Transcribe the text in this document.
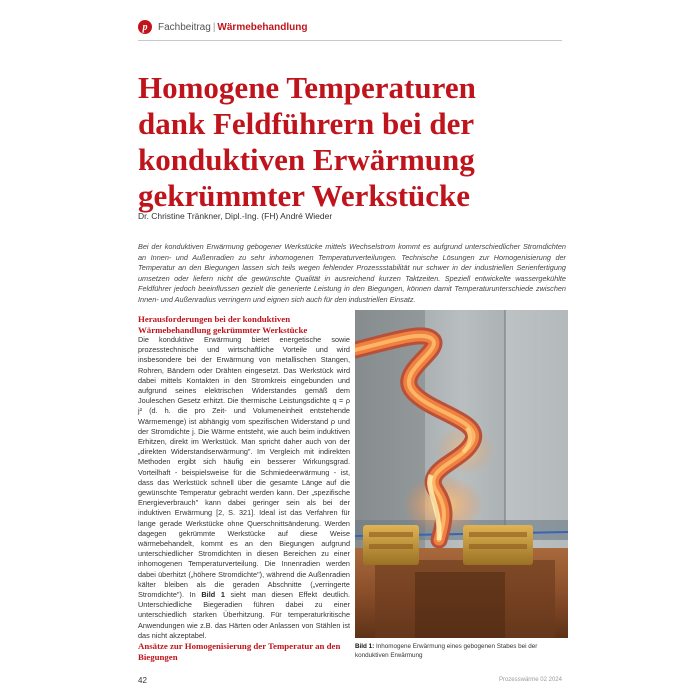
p	Fachbeitrag | Wärmebehandlung
Homogene Temperaturen
dank Feldführern bei der
konduktiven Erwärmung
gekrümmter Werkstücke
Dr. Christine Tränkner, Dipl.-Ing. (FH) André Wieder

Bei der konduktiven Erwärmung gebogener Werkstücke mittels Wechselstrom kommt es aufgrund unterschiedlicher Stromdichten an Innen- und Außenradien zu sehr inhomogenen Temperaturverteilungen. Technische Lösungen zur Homogenisierung der Temperatur an den Biegungen lassen sich teils wegen fehlender Prozessstabilität nur schwer in der industriellen Serienfertigung umsetzen oder liefern nicht die gewünschte Qualität in ausreichend kurzen Taktzeiten. Speziell entwickelte wassergekühlte Feldführer jedoch beeinflussen gezielt die generierte Leistung in den Biegungen, können damit Temperaturunterschiede zwischen Innen- und Außenradius verringern und eignen sich auch für den industriellen Einsatz.

Herausforderungen bei der konduktiven Wärmebehandlung gekrümmter Werkstücke

Die konduktive Erwärmung bietet energetische sowie prozesstechnische und wirtschaftliche Vorteile und wird insbesondere bei der Erwärmung von metallischen Stangen, Rohren, Bändern oder Drähten eingesetzt. Das Werkstück wird dabei mittels Kontakten in den Stromkreis eingebunden und aufgrund seines elektrischen Widerstandes gemäß dem Jouleschen Gesetz erhitzt. Die thermische Leistungsdichte q = ρ j² (d. h. die pro Zeit- und Volumeneinheit entstehende Wärmemenge) ist abhängig vom spezifischen Widerstand ρ und der Stromdichte j. Die Wärme entsteht, wie auch beim induktiven Erhitzen, direkt im Werkstück. Man spricht daher auch von der „direkten Widerstandserwärmung". Im Vergleich mit indirekten Methoden ergibt sich häufig ein besserer Wirkungsgrad. Vorteilhaft - beispielsweise für die Schmiedeerwärmung - ist, dass das Werkstück schnell über die gesamte Länge auf die gewünschte Temperatur gebracht werden kann. Der „spezifische Energieverbrauch" kann dabei geringer sein als bei der induktiven Erwärmung [2, S. 321]. Ideal ist das Verfahren für lange gerade Werkstücke ohne Querschnittsänderung. Werden dagegen gekrümmte Werkstücke auf diese Weise wärmebehandelt, kommt es an den Biegungen aufgrund unterschiedlicher Stromdichten in diesen Bereichen zu einer inhomogenen Temperaturverteilung. Die Innenradien werden dabei überhitzt („höhere Stromdichte"), während die Außenradien kälter bleiben als die geraden Abschnitte („verringerte Stromdichte"). In Bild 1 sieht man diesen Effekt deutlich. Unterschiedliche Biegeradien führen dabei zu einer unterschiedlich starken Überhitzung. Für temperaturkritische Anwendungen wie z.B. das Härten oder Anlassen von Stählen ist das nicht akzeptabel.

Ansätze zur Homogenisierung der Temperatur an den Biegungen
Bild 1: Inhomogene Erwärmung eines gebogenen Stabes bei der konduktiven Erwärmung
42	Prozesswärme 02 2024
